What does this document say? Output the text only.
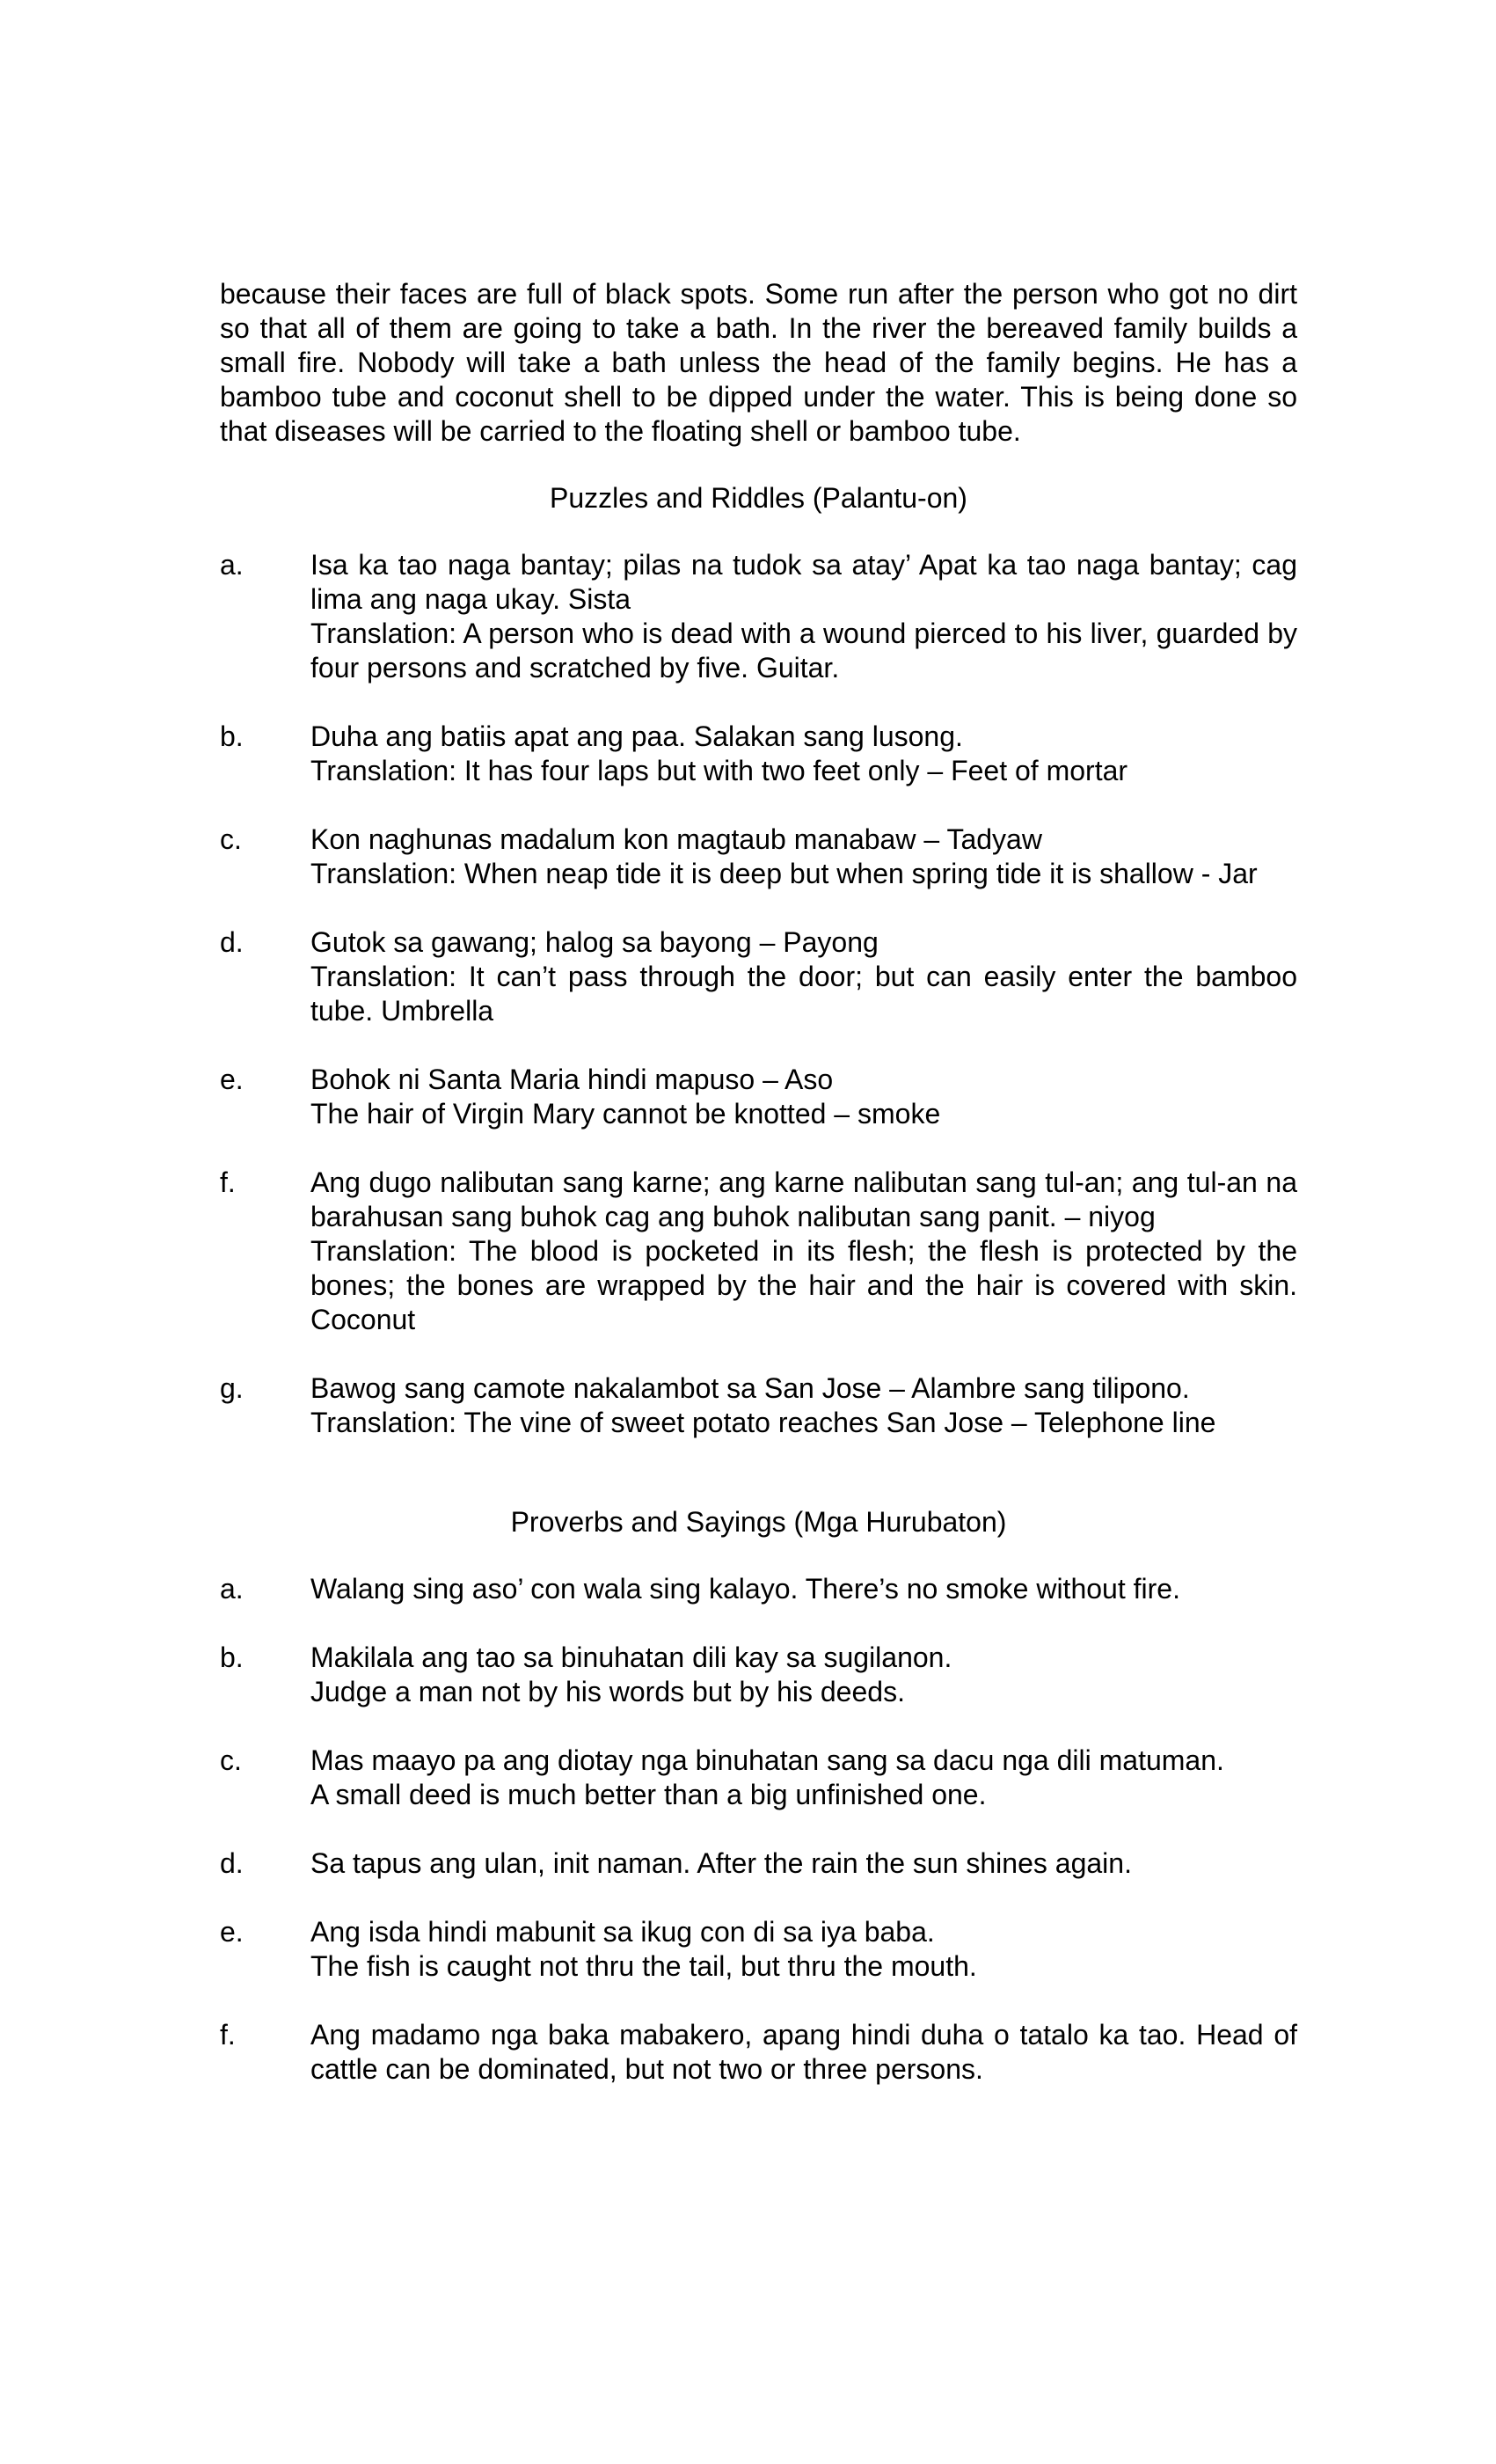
because their faces are full of black spots. Some run after the person who got no dirt so that all of them are going to take a bath. In the river the bereaved family builds a small fire. Nobody will take a bath unless the head of the family begins. He has a bamboo tube and coconut shell to be dipped under the water. This is being done so that diseases will be carried to the floating shell or bamboo tube.

Puzzles and Riddles (Palantu-on)
a.	Isa ka tao naga bantay; pilas na tudok sa atay’ Apat ka tao naga bantay; cag lima ang naga ukay. Sista
Translation: A person who is dead with a wound pierced to his liver, guarded by four persons and scratched by five. Guitar.
b.	Duha ang batiis apat ang paa. Salakan sang lusong.
Translation: It has four laps but with two feet only – Feet of mortar
c.	Kon naghunas madalum kon magtaub manabaw – Tadyaw
Translation: When neap tide it is deep but when spring tide it is shallow - Jar
d.	Gutok sa gawang; halog sa bayong – Payong
Translation: It can’t pass through the door; but can easily enter the bamboo tube. Umbrella
e.	Bohok ni Santa Maria hindi mapuso – Aso
The hair of Virgin Mary cannot be knotted – smoke
f.	Ang dugo nalibutan sang karne; ang karne nalibutan sang tul-an; ang tul-an na barahusan sang buhok cag ang buhok nalibutan sang panit. – niyog
Translation: The blood is pocketed in its flesh; the flesh is protected by the bones; the bones are wrapped by the hair and the hair is covered with skin. Coconut
g.	Bawog sang camote nakalambot sa San Jose – Alambre sang tilipono.
Translation: The vine of sweet potato reaches San Jose – Telephone line
Proverbs and Sayings (Mga Hurubaton)
a.	Walang sing aso’ con wala sing kalayo. There’s no smoke without fire.
b.	Makilala ang tao sa binuhatan dili kay sa sugilanon.
Judge a man not by his words but by his deeds.
c.	Mas maayo pa ang diotay nga binuhatan sang sa dacu nga dili matuman.
A small deed is much better than a big unfinished one.
d.	Sa tapus ang ulan, init naman. After the rain the sun shines again.
e.	Ang isda hindi mabunit sa ikug con di sa iya baba.
The fish is caught not thru the tail, but thru the mouth.
f.	Ang madamo nga baka mabakero, apang hindi duha o tatalo ka tao. Head of cattle can be dominated, but not two or three persons.
